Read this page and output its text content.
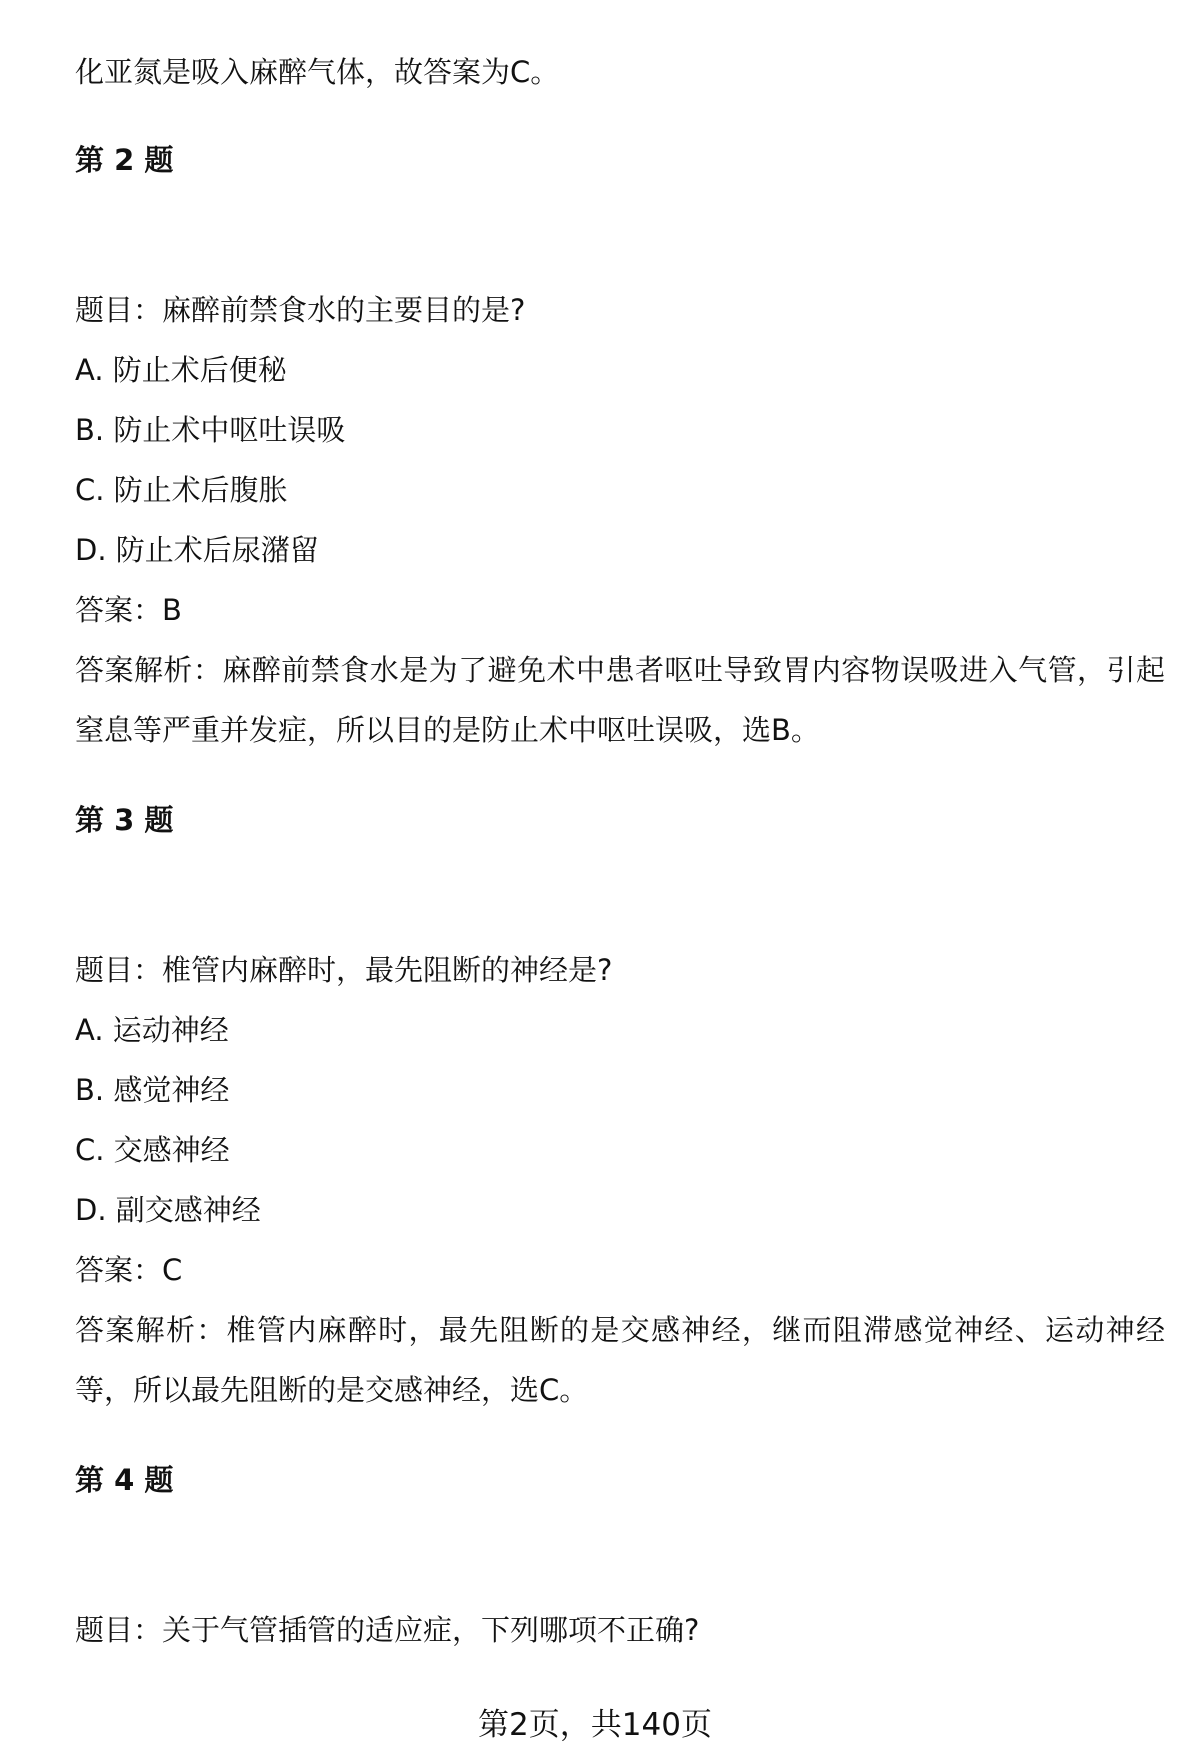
化亚氮是吸入麻醉气体，故答案为C。
第 2 题
题目：麻醉前禁食水的主要目的是?
A. 防止术后便秘
B. 防止术中呕吐误吸
C. 防止术后腹胀
D. 防止术后尿潴留
答案：B
答案解析：麻醉前禁食水是为了避免术中患者呕吐导致胃内容物误吸进入气管，引起窒息等严重并发症，所以目的是防止术中呕吐误吸，选B。
第 3 题
题目：椎管内麻醉时，最先阻断的神经是?
A. 运动神经
B. 感觉神经
C. 交感神经
D. 副交感神经
答案：C
答案解析：椎管内麻醉时，最先阻断的是交感神经，继而阻滞感觉神经、运动神经等，所以最先阻断的是交感神经，选C。
第 4 题
题目：关于气管插管的适应症，下列哪项不正确?
第2页，共140页
